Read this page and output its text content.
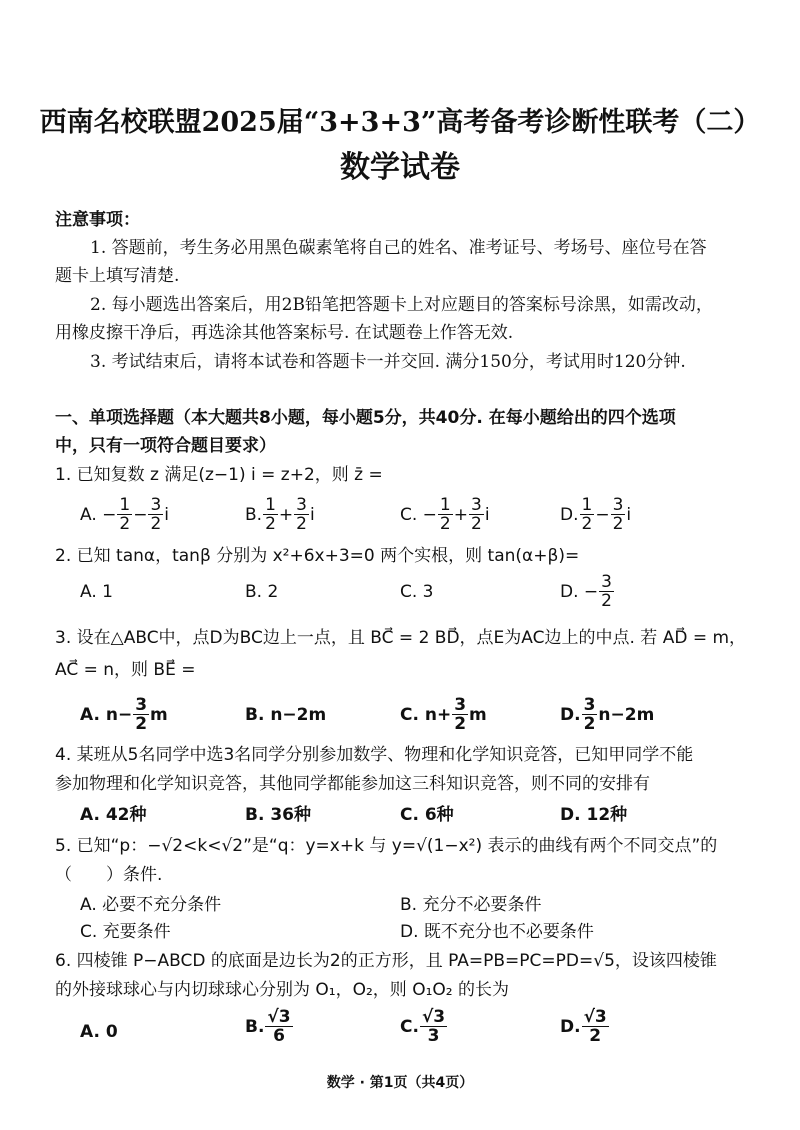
西南名校联盟2025届“3+3+3”高考备考诊断性联考（二）
数学试卷
注意事项：
1. 答题前，考生务必用黑色碳素笔将自己的姓名、准考证号、考场号、座位号在答
题卡上填写清楚.
2. 每小题选出答案后，用2B铅笔把答题卡上对应题目的答案标号涂黑，如需改动，
用橡皮擦干净后，再选涂其他答案标号. 在试题卷上作答无效.
3. 考试结束后，请将本试卷和答题卡一并交回. 满分150分，考试用时120分钟.
一、单项选择题（本大题共8小题，每小题5分，共40分. 在每小题给出的四个选项
中，只有一项符合题目要求）
1. 已知复数 z 满足(z−1) i = z+2，则 z̄ =
A. − $\frac{1}{2} - \frac{3}{2}$ i	B. $\frac{1}{2} + \frac{3}{2}$ i	C. − $\frac{1}{2} + \frac{3}{2}$ i	D. $\frac{1}{2} - \frac{3}{2}$ i
2. 已知 tanα，tanβ 分别为 x²+6x+3=0 两个实根，则 tan(α+β)=
A. 1	B. 2	C. 3	D. − $\frac{3}{2}$
3. 设在△ABC中，点D为BC边上一点，且 BC⃗ = 2 BD⃗，点E为AC边上的中点. 若 AD⃗ = m，
AC⃗ = n，则 BE⃗ =
A. $n- \frac{3}{2}$ m	B. n−2m	C. $n+ \frac{3}{2}$ m	D. $\frac{3}{2} n-2m$
4. 某班从5名同学中选3名同学分别参加数学、物理和化学知识竞答，已知甲同学不能
参加物理和化学知识竞答，其他同学都能参加这三科知识竞答，则不同的安排有
A. 42种	B. 36种	C. 6种	D. 12种
5. 已知“p：−√2<k<√2”是“q：y=x+k 与 y=√(1−x²) 表示的曲线有两个不同交点”的
（　　）条件.
A. 必要不充分条件	B. 充分不必要条件
C. 充要条件	D. 既不充分也不必要条件
6. 四棱锥 P−ABCD 的底面是边长为2的正方形，且 PA=PB=PC=PD=√5，设该四棱锥
的外接球球心与内切球球心分别为 O₁，O₂，则 O₁O₂ 的长为
A. 0	B. $\frac{√3}{6}$	C. $\frac{√3}{3}$	D. $\frac{√3}{2}$
数学 · 第1页（共4页）
